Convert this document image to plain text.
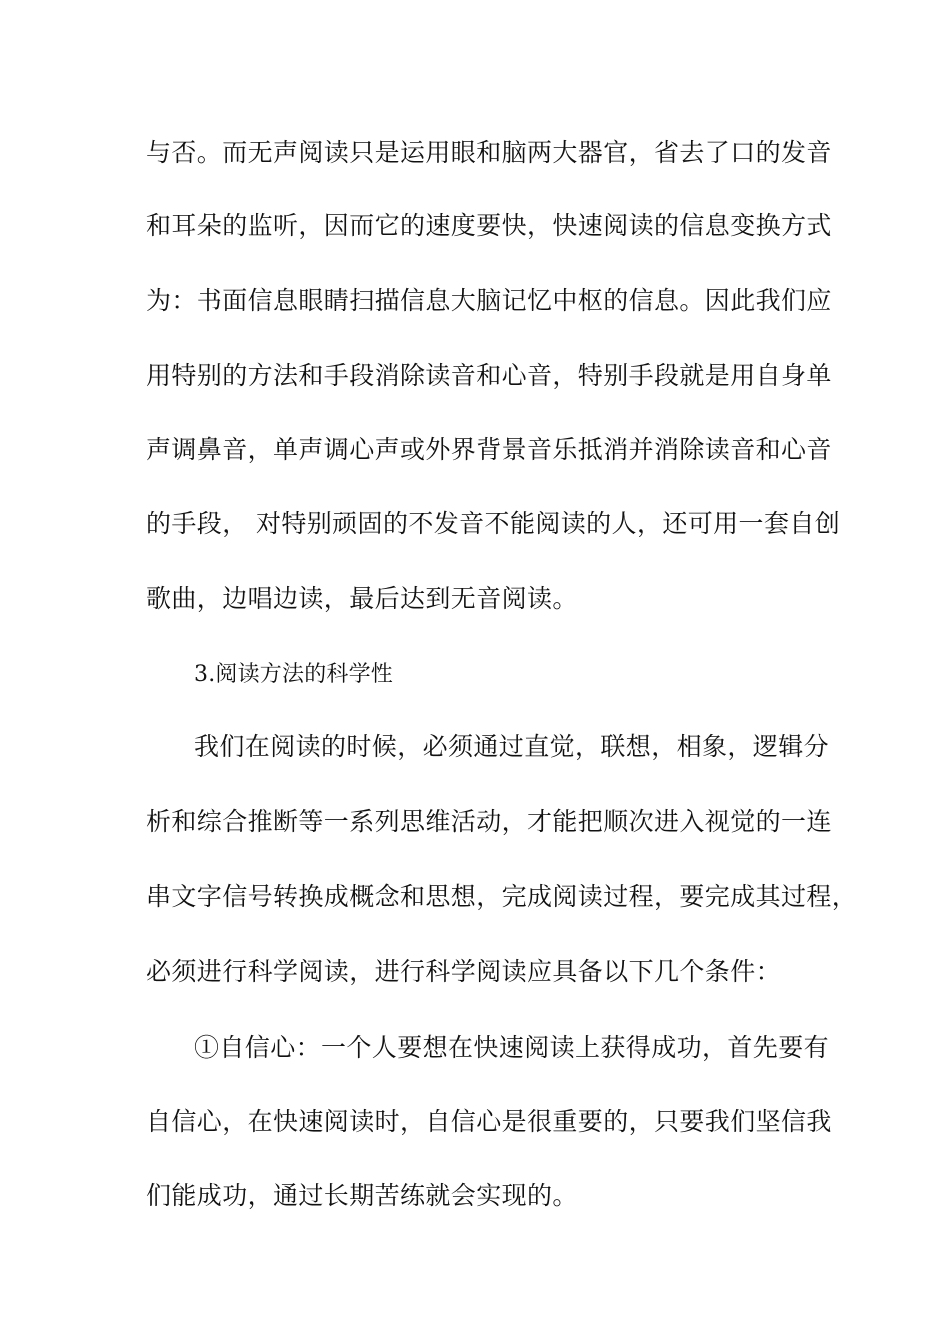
与否。而无声阅读只是运用眼和脑两大器官，省去了口的发音
和耳朵的监听，因而它的速度要快，快速阅读的信息变换方式
为：书面信息眼睛扫描信息大脑记忆中枢的信息。因此我们应
用特别的方法和手段消除读音和心音，特别手段就是用自身单
声调鼻音，单声调心声或外界背景音乐抵消并消除读音和心音
的手段， 对特别顽固的不发音不能阅读的人，还可用一套自创
歌曲，边唱边读，最后达到无音阅读。
3.阅读方法的科学性
我们在阅读的时候，必须通过直觉，联想，相象，逻辑分
析和综合推断等一系列思维活动，才能把顺次进入视觉的一连
串文字信号转换成概念和思想，完成阅读过程，要完成其过程，
必须进行科学阅读，进行科学阅读应具备以下几个条件：
①自信心：一个人要想在快速阅读上获得成功，首先要有
自信心，在快速阅读时，自信心是很重要的，只要我们坚信我
们能成功，通过长期苦练就会实现的。
